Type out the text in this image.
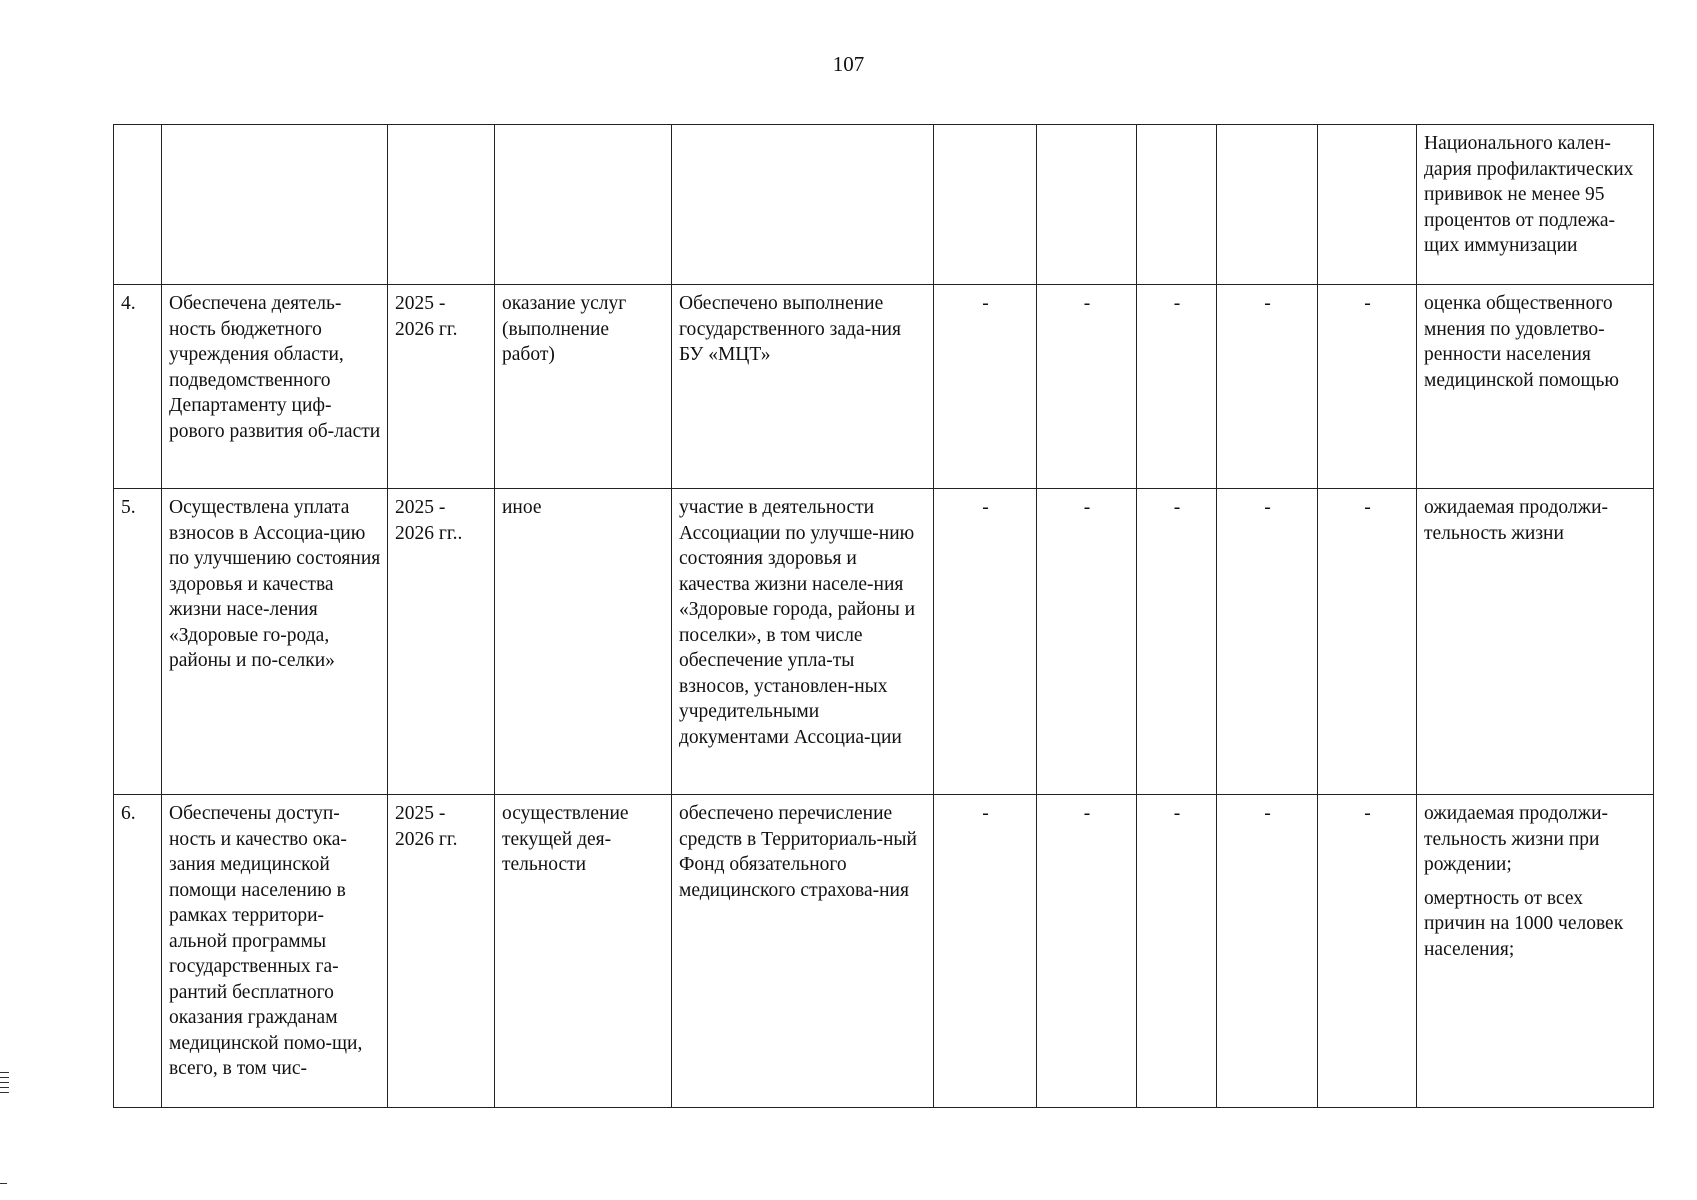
107
										Национального кален-дария профилактических прививок не менее 95 процентов от подлежа-щих иммунизации
4.	Обеспечена деятель-ность бюджетного учреждения области, подведомственного Департаменту циф-рового развития об-ласти	2025 - 2026 гг.	оказание услуг (выполнение работ)	Обеспечено выполнение государственного зада-ния БУ «МЦТ»	-	-	-	-	-	оценка общественного мнения по удовлетво-ренности населения медицинской помощью
5.	Осуществлена уплата взносов в Ассоциа-цию по улучшению состояния здоровья и качества жизни насе-ления «Здоровые го-рода, районы и по-селки»	2025 - 2026 гг..	иное	участие в деятельности Ассоциации по улучше-нию состояния здоровья и качества жизни населе-ния «Здоровые города, районы и поселки», в том числе обеспечение упла-ты взносов, установлен-ных учредительными документами Ассоциа-ции	-	-	-	-	-	ожидаемая продолжи-тельность жизни
6.	Обеспечены доступ-ность и качество ока-зания медицинской помощи населению в рамках территори-альной программы государственных га-рантий бесплатного оказания гражданам медицинской помо-щи, всего, в том чис-	2025 - 2026 гг.	осуществление текущей дея-тельности	обеспечено перечисление средств в Территориаль-ный Фонд обязательного медицинского страхова-ния	-	-	-	-	-	ожидаемая продолжи-тельность жизни при рождении;

омертность от всех причин на 1000 человек населения;
